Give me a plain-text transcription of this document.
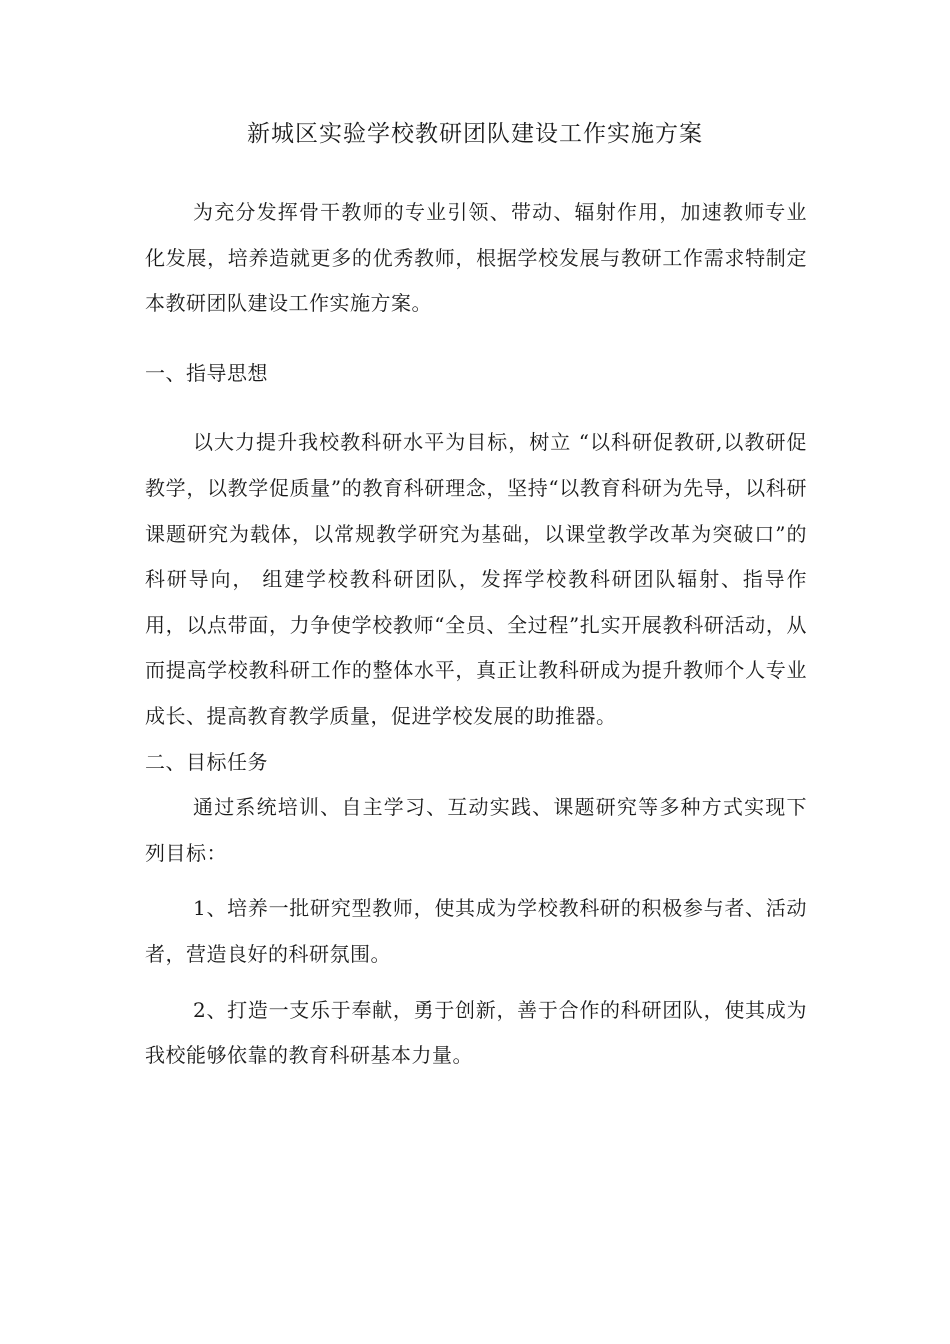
新城区实验学校教研团队建设工作实施方案

为充分发挥骨干教师的专业引领、带动、辐射作用，加速教师专业化发展，培养造就更多的优秀教师，根据学校发展与教研工作需求特制定本教研团队建设工作实施方案。

一、指导思想

以大力提升我校教科研水平为目标，树立 “以科研促教研,以教研促教学，以教学促质量”的教育科研理念，坚持“以教育科研为先导，以科研课题研究为载体，以常规教学研究为基础，以课堂教学改革为突破口”的科研导向， 组建学校教科研团队，发挥学校教科研团队辐射、指导作用，以点带面，力争使学校教师“全员、全过程”扎实开展教科研活动，从而提高学校教科研工作的整体水平，真正让教科研成为提升教师个人专业成长、提高教育教学质量，促进学校发展的助推器。

二、目标任务

通过系统培训、自主学习、互动实践、课题研究等多种方式实现下列目标：

1、培养一批研究型教师，使其成为学校教科研的积极参与者、活动者，营造良好的科研氛围。

2、打造一支乐于奉献，勇于创新，善于合作的科研团队，使其成为我校能够依靠的教育科研基本力量。
